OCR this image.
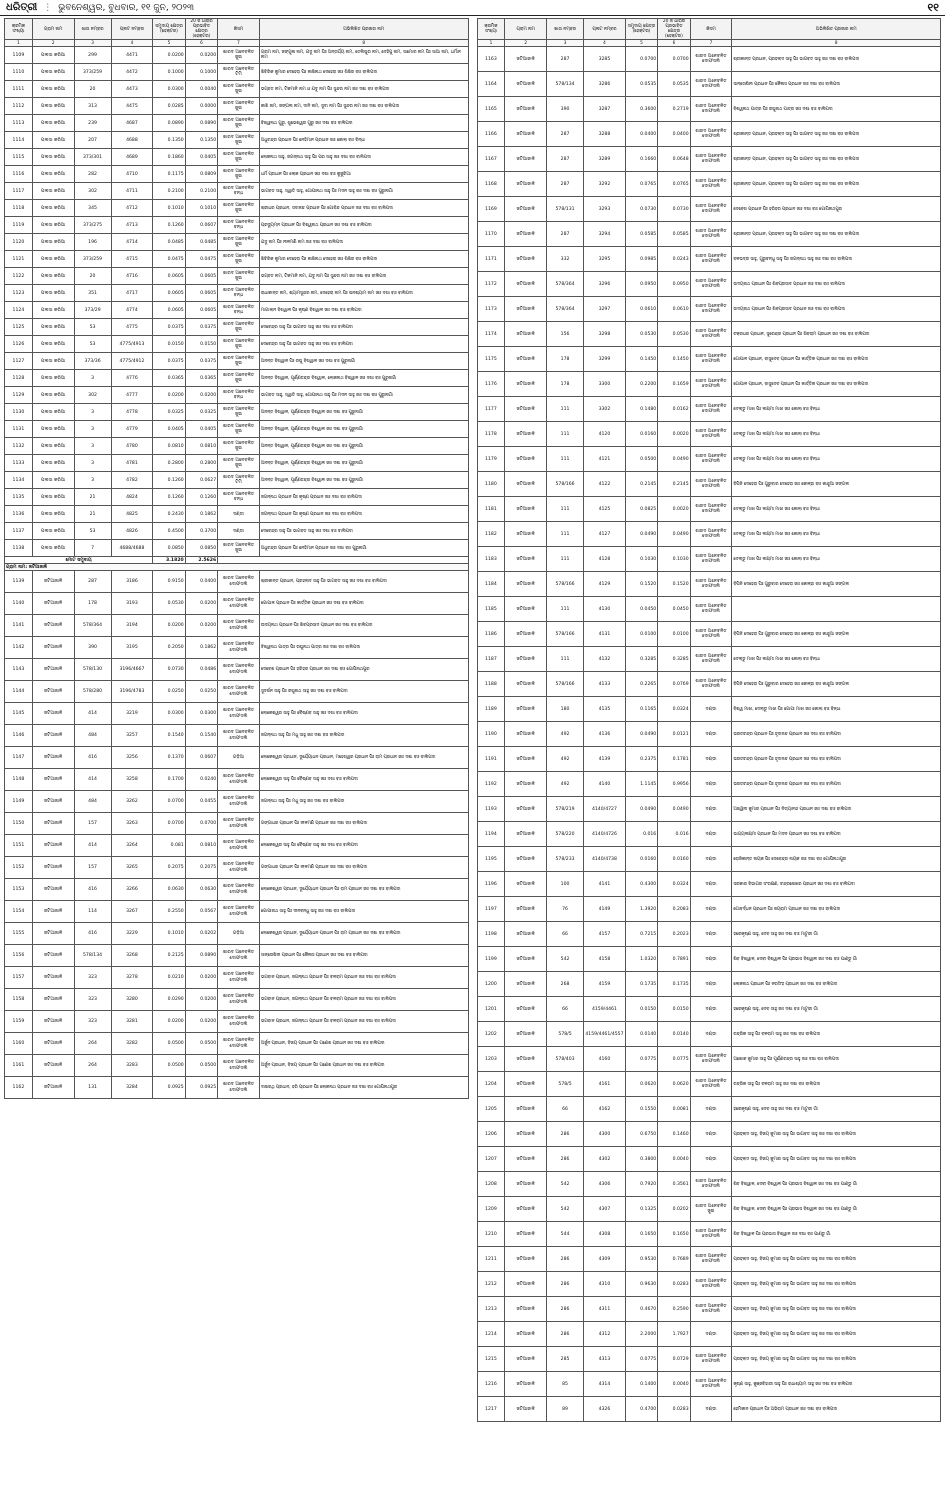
ଧରିତ୍ରୀ ⋮ ଭୁବନେଶ୍ୱର, ବୁଧବାର, ୧୧ ଜୁନ, ୨୦୨୩	୧୧
କ୍ରମିକ ସଂଖ୍ୟା	ଗ୍ରାମ ନାମ	ଖାତା ନମ୍ବର	ପ୍ଲଟ ନମ୍ବର	ସମୁଦାୟ କ୍ଷେତ୍ର (ହେକ୍ଟର)	20 ଜ ଧାରାର ପ୍ରଭାବିତ କ୍ଷେତ୍ର (ହେକ୍ଟର)	କିସମ	ଅଭିଲିଖିତ ପ୍ରଜାର ନାମ
1	2	3	4	5	6	7	8
1109	ପଲସା କରିଆ	299	4471	0.0200	0.0200	ଶାରଦ ଅନେବଳିତ ଜୁଇ	ଗ୍ରାମ ନାମ, ଜଙ୍ଗୁଳା ନାମ, ଯଦୁ ନାମ ପିଃ ଅନ୍ତର୍ଯ୍ୟ ନାମ, ତେଲିଘୁର ନାମ, ଦେହିପୁ ନାମ, ସାମୋର ନାମ ପିଃ ସାଆ ନାମ, ଧର୍ମାନ ନାମ
1110	ପଲସା କରିଆ	373/259	4472	0.1000	0.1000	ଶାରଦ ଅନେବଳିତ ଟିମି	ଶିବିରିକ କୁମାର ଦେହେରା ପିଃ କାଶିନାଥ ଦେହେରା ଜାଃ ଶିଶିର ବାଃ ବାଲିପଦା
1111	ପଲସା କରିଆ	20	4473	0.0300	0.0040	ଶାରଦ ଅନେବଳିତ ଜୁଇ	ଭଗ୍ବତ ନାମ, ଟିକମାନି ନାମ ଓ ଯଦୁ ନାମ ପିଃ ସୁନ୍ଦର ନାମ ଜାଃ ଦଶା ବାଃ ବାଲିପଦା
1112	ପଲସା କରିଆ	313	4475	0.0285	0.0000	ଶାରଦ ଅନେବଳିତ ଜୁଇ	କାଶି ନାମ, ଜଙ୍ଗଲ ନାମ, ଦାନି ନାମ, ସୁଦା ନାମ ପିଃ ସୁନ୍ଦର ନାମ ଜାଃ ଦଶା ବାଃ ବାଲିପଦା
1113	ପଲସା କରିଆ	239	4687	0.0890	0.0890	ଶାରଦ ଅନେବଳିତ ଜୁଇ	ବିଶ୍ୱନାଥ ଗୁରୁ, ଶୁଭେଶ୍ୱର ଗୁରୁ ଜାଃ ଦଶା ବାଃ ବାଲିପଦା
1114	ପଲସା କରିଆ	207	4688	0.1350	0.1350	ଶାରଦ ଅନେବଳିତ ଜୁଇ	ଅଧୁଚନ୍ଦ୍ର ପ୍ରଧାନ ପିଃ ନେହିମାନ ପ୍ରଧାନ ଜାଃ କୋଲା ବାଃ ବିନ୍ଧା
1115	ପଲସା କରିଆ	373/301	4689	0.1860	0.0405	ଶାରଦ ଅନେବଳିତ ଜୁଇ	ଲୋକନାଥ ସାହୁ, ଜଗନ୍ନାଥ ସାହୁ ପିଃ ପର ସାହୁ ଜାଃ ଦଶା ବାଃ ବାଲିପଦା
1116	ପଲସା କରିଆ	282	4710	0.1175	0.0809	ଶାରଦ ଅନେବଳିତ ଜୁଇ	ଧର୍ମ ପ୍ରଧାନ ପିଃ ଲୋକ ପ୍ରଧାନ ଜାଃ ଦଶା ବାଃ କୁଜୁରିଆ
1117	ପଲସା କରିଆ	302	4711	0.2100	0.2100	ଶାରଦ ଅନେବଳିତ ବନ୍ଧ	ଭାଗବତ ସାହୁ, ସ୍ୱାତି ସାହୁ, ଗୋପୀନାଥ ସାହୁ ପିଃ ମଦନ ସାହୁ ଜାଃ ଦଶା ବାଃ ପୁରୁନାଗାଁ
1118	ପଲସା କରିଆ	345	4712	0.1010	0.1010	ଶାରଦ ଅନେବଳିତ ଜୁଇ	ଶ୍ରୀଧର ପ୍ରଧାନ, ସଦାନନ୍ଦ ପ୍ରଧାନ ପିଃ ଗୋବିନ୍ଦ ପ୍ରଧାନ ଜାଃ ଦଶା ବାଃ ବାଲିପଦା
1119	ପଲସା କରିଆ	373/275	4713	0.1260	0.0607	ଶାରଦ ଅନେବଳିତ ବନ୍ଧ	ପ୍ରଦ୍ୟୁମ୍ନ ପ୍ରଧାନ ପିଃ ବିଶ୍ୱନାଥ ପ୍ରଧାନ ଜାଃ ଦଶା ବାଃ ବାଲିପଦା
1120	ପଲସା କରିଆ	196	4714	0.0485	0.0485	ଶାରଦ ଅନେବଳିତ ଜୁଇ	ଯଦୁ ନାମ ପିଃ ନୀଳମଣି ନାମ ଜାଃ ଦଶା ବାଃ ବାଲିପଦା
1121	ପଲସା କରିଆ	373/259	4715	0.0475	0.0475	ଶାରଦ ଅନେବଳିତ ଜୁଇ	ଶିବିରିକ କୁମାର ଦେହେରା ପିଃ କାଶିନାଥ ଦେହେରା ଜାଃ ଶିଶିର ବାଃ ବାଲିପଦା
1122	ପଲସା କରିଆ	20	4716	0.0605	0.0605	ଶାରଦ ଅନେବଳିତ ଜୁଇ	ଭଗ୍ବତ ନାମ, ଟିକମାନି ନାମ, ଯଦୁ ନାମ ପିଃ ସୁନ୍ଦର ନାମ ଜାଃ ଦଶା ବାଃ ବାଲିପଦା
1123	ପଲସା କରିଆ	351	4717	0.0605	0.0605	ଶାରଦ ଅନେବଳିତ ବନ୍ଧ	ରାଧାକାନ୍ତ ନାମ, ଶ୍ୟାମସୁନ୍ଦର ନାମ, ଦେହେରା ନାମ ପିଃ ଘନଶ୍ୟାମ ନାମ ଜାଃ ଦଶା ବାଃ ବାଲିପଦା
1124	ପଲସା କରିଆ	373/29	4774	0.0605	0.0605	ଶାରଦ ଅନେବଳିତ ବନ୍ଧ	ମାଗାଲାନ ବିଶ୍ୱାଳ ପିଃ କୃଷ୍ଣ ବିଶ୍ୱାଳ ଜାଃ ଦଶା ବାଃ ବାଲିପଦା
1125	ପଲସା କରିଆ	53	4775	0.0375	0.0375	ଶାରଦ ଅନେବଳିତ ଜୁଇ	ଦେବେନ୍ଦ୍ର ସାହୁ ପିଃ ଭାଗବତ ସାହୁ ଜାଃ ଦଶା ବାଃ ବାଲିପଦା
1126	ପଲସା କରିଆ	53	4775/4913	0.0150	0.0150	ଶାରଦ ଅନେବଳିତ ଜୁଇ	ଦେବେନ୍ଦ୍ର ସାହୁ ପିଃ ଭାଗବତ ସାହୁ ଜାଃ ଦଶା ବାଃ ବାଲିପଦା
1127	ପଲସା କରିଆ	373/36	4775/4912	0.0375	0.0375	ଶାରଦ ଅନେବଳିତ ଜୁଇ	ଅନନ୍ତ ବିଶ୍ୱାଳ ପିଃ ରଘୁ ବିଶ୍ୱାଳ ଜାଃ ଦଶା ବାଃ ପୁରୁନାଗାଁ
1128	ପଲସା କରିଆ	3	4776	0.0365	0.0365	ଶାରଦ ଅନେବଳିତ ଜୁଇ	ଅନନ୍ତ ବିଶ୍ୱାଳ, ପୂର୍ଣ୍ଣଚନ୍ଦ୍ର ବିଶ୍ୱାଳ, ଲୋକନାଥ ବିଶ୍ୱାଳ ଜାଃ ଦଶା ବାଃ ପୁରୁନାଗାଁ
1129	ପଲସା କରିଆ	302	4777	0.0200	0.0200	ଶାରଦ ଅନେବଳିତ ବନ୍ଧ	ଭାଗବତ ସାହୁ, ସ୍ୱାତି ସାହୁ, ଗୋପୀନାଥ ସାହୁ ପିଃ ମଦନ ସାହୁ ଜାଃ ଦଶା ବାଃ ପୁରୁନାଗାଁ
1130	ପଲସା କରିଆ	3	4778	0.0325	0.0325	ଶାରଦ ଅନେବଳିତ ଜୁଇ	ଅନନ୍ତ ବିଶ୍ୱାଳ, ପୂର୍ଣ୍ଣଚନ୍ଦ୍ର ବିଶ୍ୱାଳ ଜାଃ ଦଶା ବାଃ ପୁରୁନାଗାଁ
1131	ପଲସା କରିଆ	3	4779	0.0405	0.0405	ଶାରଦ ଅନେବଳିତ ଜୁଇ	ଅନନ୍ତ ବିଶ୍ୱାଳ, ପୂର୍ଣ୍ଣଚନ୍ଦ୍ର ବିଶ୍ୱାଳ ଜାଃ ଦଶା ବାଃ ପୁରୁନାଗାଁ
1132	ପଲସା କରିଆ	3	4780	0.0810	0.0810	ଶାରଦ ଅନେବଳିତ ଜୁଇ	ଅନନ୍ତ ବିଶ୍ୱାଳ, ପୂର୍ଣ୍ଣଚନ୍ଦ୍ର ବିଶ୍ୱାଳ ଜାଃ ଦଶା ବାଃ ପୁରୁନାଗାଁ
1133	ପଲସା କରିଆ	3	4781	0.2800	0.2800	ଶାରଦ ଅନେବଳିତ ଜୁଇ	ଅନନ୍ତ ବିଶ୍ୱାଳ, ପୂର୍ଣ୍ଣଚନ୍ଦ୍ର ବିଶ୍ୱାଳ ଜାଃ ଦଶା ବାଃ ପୁରୁନାଗାଁ
1134	ପଲସା କରିଆ	3	4782	0.1260	0.0627	ଶାରଦ ଅନେବଳିତ ଟିମି	ଅନନ୍ତ ବିଶ୍ୱାଳ, ପୂର୍ଣ୍ଣଚନ୍ଦ୍ର ବିଶ୍ୱାଳ ଜାଃ ଦଶା ବାଃ ପୁରୁନାଗାଁ
1135	ପଲସା କରିଆ	21	4824	0.1260	0.1260	ଶାରଦ ଅନେବଳିତ ବନ୍ଧ	ଜଗନ୍ନାଥ ପ୍ରଧାନ ପିଃ କୃଷ୍ଣ ପ୍ରଧାନ ଜାଃ ଦଶା ବାଃ ବାଲିପଦା
1136	ପଲସା କରିଆ	21	4825	0.2430	0.1862	ଦଣ୍ଡା	ଜଗନ୍ନାଥ ପ୍ରଧାନ ପିଃ କୃଷ୍ଣ ପ୍ରଧାନ ଜାଃ ଦଶା ବାଃ ବାଲିପଦା
1137	ପଲସା କରିଆ	53	4826	0.4500	0.3700	ଦଣ୍ଡା	ଦେବେନ୍ଦ୍ର ସାହୁ ପିଃ ଭାଗବତ ସାହୁ ଜାଃ ଦଶା ବାଃ ବାଲିପଦା
1138	ପଲସା କରିଆ	7	4688/4688	0.0850	0.0850	ଶାରଦ ଅନେବଳିତ ଜୁଇ	ଅଧୁଚନ୍ଦ୍ର ପ୍ରଧାନ ପିଃ ନେହିମାନ ପ୍ରଧାନ ଜାଃ ଦଶା ବାଃ ପୁରୁନାଗାଁ
ମୋଟ ସମୁଦାୟ				3.1820	2.5626		
ଗ୍ରାମ ନାମ: ଜଟିଆଜାଳି							
1139	ଜଟିଆଜାଳି	287	3186	0.9150	0.0400	ଶାରଦ ଅନେବଳିତ ଦୋଫସଲି	ଶ୍ରୀକାନ୍ତ ପ୍ରଧାନ, ପ୍ରହଲାଦ ସାହୁ ପିଃ ଭାଗବତ ସାହୁ ଜାଃ ଦଶା ବାଃ ବାଲିପଦା
1140	ଜଟିଆଜାଳି	178	3193	0.0530	0.0200	ଶାରଦ ଅନେବଳିତ ଦୋଫସଲି	ଗୋପାଳ ପ୍ରଧାନ ପିଃ କାର୍ତ୍ତିକ ପ୍ରଧାନ ଜାଃ ଦଶା ବାଃ ବାଲିପଦା
1141	ଜଟିଆଜାଳି	578/364	3194	0.0200	0.0200	ଶାରଦ ଅନେବଳିତ ଦୋଫସଲି	ଉଦୟନାଥ ପ୍ରଧାନ ପିଃ ଶିବପ୍ରସାଦ ପ୍ରଧାନ ଜାଃ ଦଶା ବାଃ ବାଲିପଦା
1142	ଜଟିଆଜାଳି	390	3195	0.2050	0.1862	ଶାରଦ ଅନେବଳିତ ଦୋଫସଲି	ବିଶ୍ୱନାଥ ପାତ୍ର ପିଃ ରଘୁନାଥ ପାତ୍ର ଜାଃ ଦଶା ବାଃ ବାଲିପଦା
1143	ଜଟିଆଜାଳି	578/130	3196/4667	0.0730	0.0486	ଶାରଦ ଅନେବଳିତ ଦୋଫସଲି	ଦେବେଶ ପ୍ରଧାନ ପିଃ ହରିହର ପ୍ରଧାନ ଜାଃ ଦଶା ବାଃ ଗୋପିନାଥପୁର
1144	ଜଟିଆଜାଳି	578/280	3196/4783	0.0250	0.0250	ଶାରଦ ଅନେବଳିତ ଦୋଫସଲି	ସୁଦର୍ଶନ ସାହୁ ପିଃ ରଘୁନାଥ ସାହୁ ଜାଃ ଦଶା ବାଃ ବାଲିପଦା
1145	ଜଟିଆଜାଳି	414	3219	0.0300	0.0300	ଶାରଦ ଅନେବଳିତ ଦୋଫସଲି	ଲୋକେଶ୍ୱର ସାହୁ ପିଃ ବୈଷ୍ଣବ ସାହୁ ଜାଃ ଦଶା ବାଃ ବାଲିପଦା
1146	ଜଟିଆଜାଳି	484	3257	0.1540	0.1540	ଶାରଦ ଅନେବଳିତ ଦୋଫସଲି	ଜଗନ୍ନାଥ ସାହୁ ପିଃ ମଧୁ ସାହୁ ଜାଃ ଦଶା ବାଃ ବାଲିପଦା
1147	ଜଟିଆଜାଳି	416	3256	0.1370	0.0607	ଗଡ଼ିଆ	ଲୋକେଶ୍ୱର ପ୍ରଧାନ, ଦୁର୍ଯ୍ୟୋଧନ ପ୍ରଧାନ, ମହେଶ୍ୱର ପ୍ରଧାନ ପିଃ ରାମ ପ୍ରଧାନ ଜାଃ ଦଶା ବାଃ ବାଲିପଦା
1148	ଜଟିଆଜାଳି	414	3258	0.1700	0.0240	ଶାରଦ ଅନେବଳିତ ଦୋଫସଲି	ଲୋକେଶ୍ୱର ସାହୁ ପିଃ ବୈଷ୍ଣବ ସାହୁ ଜାଃ ଦଶା ବାଃ ବାଲିପଦା
1149	ଜଟିଆଜାଳି	484	3262	0.0700	0.0455	ଶାରଦ ଅନେବଳିତ ଦୋଫସଲି	ଜଗନ୍ନାଥ ସାହୁ ପିଃ ମଧୁ ସାହୁ ଜାଃ ଦଶା ବାଃ ବାଲିପଦା
1150	ଜଟିଆଜାଳି	157	3263	0.0700	0.0700	ଶାରଦ ଅନେବଳିତ ଦୋଫସଲି	ଗଙ୍ଗାଧର ପ୍ରଧାନ ପିଃ ନୀଳମଣି ପ୍ରଧାନ ଜାଃ ଦଶା ବାଃ ବାଲିପଦା
1151	ଜଟିଆଜାଳି	414	3264	0.081	0.0810	ଶାରଦ ଅନେବଳିତ ଦୋଫସଲି	ଲୋକେଶ୍ୱର ସାହୁ ପିଃ ବୈଷ୍ଣବ ସାହୁ ଜାଃ ଦଶା ବାଃ ବାଲିପଦା
1152	ଜଟିଆଜାଳି	157	3265	0.2075	0.2075	ଶାରଦ ଅନେବଳିତ ଦୋଫସଲି	ଗଙ୍ଗାଧର ପ୍ରଧାନ ପିଃ ନୀଳମଣି ପ୍ରଧାନ ଜାଃ ଦଶା ବାଃ ବାଲିପଦା
1153	ଜଟିଆଜାଳି	416	3266	0.0630	0.0630	ଶାରଦ ଅନେବଳିତ ଦୋଫସଲି	ଲୋକେଶ୍ୱର ପ୍ରଧାନ, ଦୁର୍ଯ୍ୟୋଧନ ପ୍ରଧାନ ପିଃ ରାମ ପ୍ରଧାନ ଜାଃ ଦଶା ବାଃ ବାଲିପଦା
1154	ଜଟିଆଜାଳି	114	3267	0.2550	0.0567	ଶାରଦ ଅନେବଳିତ ଦୋଫସଲି	ଗୋପୀନାଥ ସାହୁ ପିଃ ଦୀନବନ୍ଧୁ ସାହୁ ଜାଃ ଦଶା ବାଃ ବାଲିପଦା
1155	ଜଟିଆଜାଳି	416	3229	0.1010	0.0202	ଗଡ଼ିଆ	ଲୋକେଶ୍ୱର ପ୍ରଧାନ, ଦୁର୍ଯ୍ୟୋଧନ ପ୍ରଧାନ ପିଃ ରାମ ପ୍ରଧାନ ଜାଃ ଦଶା ବାଃ ବାଲିପଦା
1156	ଜଟିଆଜାଳି	578/134	3268	0.2125	0.0890	ଶାରଦ ଅନେବଳିତ ଦୋଫସଲି	ସାନ୍ତୋଷିନୀ ପ୍ରଧାନ ପିଃ କୈଳାସ ପ୍ରଧାନ ଜାଃ ଦଶା ବାଃ ବାଲିପଦା
1157	ଜଟିଆଜାଳି	323	3278	0.0210	0.0200	ଶାରଦ ଅନେବଳିତ ଦୋଫସଲି	ଭଗବାନ ପ୍ରଧାନ, ଜଗନ୍ନାଥ ପ୍ରଧାନ ପିଃ ବଳରାମ ପ୍ରଧାନ ଜାଃ ଦଶା ବାଃ ବାଲିପଦା
1158	ଜଟିଆଜାଳି	323	3280	0.0290	0.0200	ଶାରଦ ଅନେବଳିତ ଦୋଫସଲି	ଭଗବାନ ପ୍ରଧାନ, ଜଗନ୍ନାଥ ପ୍ରଧାନ ପିଃ ବଳରାମ ପ୍ରଧାନ ଜାଃ ଦଶା ବାଃ ବାଲିପଦା
1159	ଜଟିଆଜାଳି	323	3281	0.0200	0.0200	ଶାରଦ ଅନେବଳିତ ଦୋଫସଲି	ଭଗବାନ ପ୍ରଧାନ, ଜଗନ୍ନାଥ ପ୍ରଧାନ ପିଃ ବଳରାମ ପ୍ରଧାନ ଜାଃ ଦଶା ବାଃ ବାଲିପଦା
1160	ଜଟିଆଜାଳି	264	3282	0.0500	0.0500	ଶାରଦ ଅନେବଳିତ ଦୋଫସଲି	ଅର୍ଜୁନ ପ୍ରଧାନ, ବିଜୟ ପ୍ରଧାନ ପିଃ ଗଣେଶ ପ୍ରଧାନ ଜାଃ ଦଶା ବାଃ ବାଲିପଦା
1161	ଜଟିଆଜାଳି	264	3283	0.0500	0.0500	ଶାରଦ ଅନେବଳିତ ଦୋଫସଲି	ଅର୍ଜୁନ ପ୍ରଧାନ, ବିଜୟ ପ୍ରଧାନ ପିଃ ଗଣେଶ ପ୍ରଧାନ ଜାଃ ଦଶା ବାଃ ବାଲିପଦା
1162	ଜଟିଆଜାଳି	131	3284	0.0925	0.0925	ଶାରଦ ଅନେବଳିତ ଦୋଫସଲି	ଦାଶରଥି ପ୍ରଧାନ, ହରି ପ୍ରଧାନ ପିଃ ଲୋକନାଥ ପ୍ରଧାନ ଜାଃ ଦଶା ବାଃ ଗୋପିନାଥପୁର
କ୍ରମିକ ସଂଖ୍ୟା	ଗ୍ରାମ ନାମ	ଖାତା ନମ୍ବର	ପ୍ଲଟ ନମ୍ବର	ସମୁଦାୟ କ୍ଷେତ୍ର (ହେକ୍ଟର)	20 ଜ ଧାରାର ପ୍ରଭାବିତ କ୍ଷେତ୍ର (ହେକ୍ଟର)	କିସମ	ଅଭିଲିଖିତ ପ୍ରଜାର ନାମ
1	2	3	4	5	6	7	8
1163	ଜଟିଆଜାଳି	287	3285	0.0700	0.0700	ଶାରଦ ଅନେବଳିତ ଦୋଫସଲି	ଶ୍ରୀକାନ୍ତ ପ୍ରଧାନ, ପ୍ରହଲାଦ ସାହୁ ପିଃ ଭାଗବତ ସାହୁ ଜାଃ ଦଶା ବାଃ ବାଲିପଦା
1164	ଜଟିଆଜାଳି	578/134	3286	0.0535	0.0535	ଶାରଦ ଅନେବଳିତ ଦୋଫସଲି	ସାନ୍ତୋଷିନୀ ପ୍ରଧାନ ପିଃ କୈଳାସ ପ୍ରଧାନ ଜାଃ ଦଶା ବାଃ ବାଲିପଦା
1165	ଜଟିଆଜାଳି	390	3287	0.3600	0.2719	ଶାରଦ ଅନେବଳିତ ଦୋଫସଲି	ବିଶ୍ୱନାଥ ପାତ୍ର ପିଃ ରଘୁନାଥ ପାତ୍ର ଜାଃ ଦଶା ବାଃ ବାଲିପଦା
1166	ଜଟିଆଜାଳି	287	3288	0.0400	0.0400	ଶାରଦ ଅନେବଳିତ ଦୋଫସଲି	ଶ୍ରୀକାନ୍ତ ପ୍ରଧାନ, ପ୍ରହଲାଦ ସାହୁ ପିଃ ଭାଗବତ ସାହୁ ଜାଃ ଦଶା ବାଃ ବାଲିପଦା
1167	ଜଟିଆଜାଳି	287	3289	0.1660	0.0648	ଶାରଦ ଅନେବଳିତ ଦୋଫସଲି	ଶ୍ରୀକାନ୍ତ ପ୍ରଧାନ, ପ୍ରହଲାଦ ସାହୁ ପିଃ ଭାଗବତ ସାହୁ ଜାଃ ଦଶା ବାଃ ବାଲିପଦା
1168	ଜଟିଆଜାଳି	287	3292	0.0765	0.0765	ଶାରଦ ଅନେବଳିତ ଦୋଫସଲି	ଶ୍ରୀକାନ୍ତ ପ୍ରଧାନ, ପ୍ରହଲାଦ ସାହୁ ପିଃ ଭାଗବତ ସାହୁ ଜାଃ ଦଶା ବାଃ ବାଲିପଦା
1169	ଜଟିଆଜାଳି	578/131	3293	0.0730	0.0730	ଶାରଦ ଅନେବଳିତ ଦୋଫସଲି	ଦେବେଶ ପ୍ରଧାନ ପିଃ ହରିହର ପ୍ରଧାନ ଜାଃ ଦଶା ବାଃ ଗୋପିନାଥପୁର
1170	ଜଟିଆଜାଳି	287	3294	0.0585	0.0585	ଶାରଦ ଅନେବଳିତ ଦୋଫସଲି	ଶ୍ରୀକାନ୍ତ ପ୍ରଧାନ, ପ୍ରହଲାଦ ସାହୁ ପିଃ ଭାଗବତ ସାହୁ ଜାଃ ଦଶା ବାଃ ବାଲିପଦା
1171	ଜଟିଆଜାଳି	332	3295	0.0985	0.0243	ଶାରଦ ଅନେବଳିତ ଦୋଫସଲି	ବଳଭଦ୍ର ସାହୁ, ଗୁରୁବନ୍ଧୁ ସାହୁ ପିଃ ଜଗନ୍ନାଥ ସାହୁ ଜାଃ ଦଶା ବାଃ ବାଲିପଦା
1172	ଜଟିଆଜାଳି	578/364	3296	0.0950	0.0950	ଶାରଦ ଅନେବଳିତ ଦୋଫସଲି	ଉଦୟନାଥ ପ୍ରଧାନ ପିଃ ଶିବପ୍ରସାଦ ପ୍ରଧାନ ଜାଃ ଦଶା ବାଃ ବାଲିପଦା
1173	ଜଟିଆଜାଳି	578/364	3297	0.0610	0.0610	ଶାରଦ ଅନେବଳିତ ଦୋଫସଲି	ଉଦୟନାଥ ପ୍ରଧାନ ପିଃ ଶିବପ୍ରସାଦ ପ୍ରଧାନ ଜାଃ ଦଶା ବାଃ ବାଲିପଦା
1174	ଜଟିଆଜାଳି	156	3298	0.0530	0.0530	ଶାରଦ ଅନେବଳିତ ଦୋଫସଲି	ଚକ୍ରଧର ପ୍ରଧାନ, ସୁରେନ୍ଦ୍ର ପ୍ରଧାନ ପିଃ ଶିବରାମ ପ୍ରଧାନ ଜାଃ ଦଶା ବାଃ ବାଲିପଦା
1175	ଜଟିଆଜାଳି	178	3299	0.1450	0.1450	ଶାରଦ ଅନେବଳିତ ଦୋଫସଲି	ଗୋପାଳ ପ୍ରଧାନ, ବାସୁଦେବ ପ୍ରଧାନ ପିଃ କାର୍ତ୍ତିକ ପ୍ରଧାନ ଜାଃ ଦଶା ବାଃ ବାଲିପଦା
1176	ଜଟିଆଜାଳି	178	3300	0.2200	0.1659	ଶାରଦ ଅନେବଳିତ ଦୋଫସଲି	ଗୋପାଳ ପ୍ରଧାନ, ବାସୁଦେବ ପ୍ରଧାନ ପିଃ କାର୍ତ୍ତିକ ପ୍ରଧାନ ଜାଃ ଦଶା ବାଃ ବାଲିପଦା
1177	ଜଟିଆଜାଳି	111	3302	0.1480	0.0162	ଶାରଦ ଅନେବଳିତ ଦୋଫସଲି	ଦେଲ୍ଡୁ ମାଝୀ ପିଃ ଲକ୍ଷ୍ମୀ ମାଝୀ ଜାଃ କୋଲା ବାଃ ବିନ୍ଧା
1178	ଜଟିଆଜାଳି	111	4120	0.0160	0.0020	ଶାରଦ ଅନେବଳିତ ଦୋଫସଲି	ଦେଲ୍ଡୁ ମାଝୀ ପିଃ ଲକ୍ଷ୍ମୀ ମାଝୀ ଜାଃ କୋଲା ବାଃ ବିନ୍ଧା
1179	ଜଟିଆଜାଳି	111	4121	0.0500	0.0490	ଶାରଦ ଅନେବଳିତ ଦୋଫସଲି	ଦେଲ୍ଡୁ ମାଝୀ ପିଃ ଲକ୍ଷ୍ମୀ ମାଝୀ ଜାଃ କୋଲା ବାଃ ବିନ୍ଧା
1180	ଜଟିଆଜାଳି	578/166	4122	0.2145	0.2145	ଶାରଦ ଅନେବଳିତ ଦୋଫସଲି	ବିପିନି ଦେହେରା ପିଃ ଗୁରୁବାର ଦେହେରା ଜାଃ କୋଳ୍ହା ବାଃ କାନ୍ଦୁଆ ଜଙ୍ଗଲ
1181	ଜଟିଆଜାଳି	111	4125	0.0825	0.0020	ଶାରଦ ଅନେବଳିତ ଦୋଫସଲି	ଦେଲ୍ଡୁ ମାଝୀ ପିଃ ଲକ୍ଷ୍ମୀ ମାଝୀ ଜାଃ କୋଲା ବାଃ ବିନ୍ଧା
1182	ଜଟିଆଜାଳି	111	4127	0.0490	0.0490	ଶାରଦ ଅନେବଳିତ ଦୋଫସଲି	ଦେଲ୍ଡୁ ମାଝୀ ପିଃ ଲକ୍ଷ୍ମୀ ମାଝୀ ଜାଃ କୋଲା ବାଃ ବିନ୍ଧା
1183	ଜଟିଆଜାଳି	111	4128	0.1030	0.1030	ଶାରଦ ଅନେବଳିତ ଦୋଫସଲି	ଦେଲ୍ଡୁ ମାଝୀ ପିଃ ଲକ୍ଷ୍ମୀ ମାଝୀ ଜାଃ କୋଲା ବାଃ ବିନ୍ଧା
1184	ଜଟିଆଜାଳି	578/166	4129	0.1520	0.1520	ଶାରଦ ଅନେବଳିତ ଦୋଫସଲି	ବିପିନି ଦେହେରା ପିଃ ଗୁରୁବାର ଦେହେରା ଜାଃ କୋଳ୍ହା ବାଃ କାନ୍ଦୁଆ ଜଙ୍ଗଲ
1185	ଜଟିଆଜାଳି	111	4130	0.0450	0.0450	ଶାରଦ ଅନେବଳିତ ଦୋଫସଲି	
1186	ଜଟିଆଜାଳି	578/166	4131	0.0100	0.0100	ଶାରଦ ଅନେବଳିତ ଦୋଫସଲି	ବିପିନି ଦେହେରା ପିଃ ଗୁରୁବାର ଦେହେରା ଜାଃ କୋଳ୍ହା ବାଃ କାନ୍ଦୁଆ ଜଙ୍ଗଲ
1187	ଜଟିଆଜାଳି	111	4132	0.3285	0.3285	ଶାରଦ ଅନେବଳିତ ଦୋଫସଲି	ଦେଲ୍ଡୁ ମାଝୀ ପିଃ ଲକ୍ଷ୍ମୀ ମାଝୀ ଜାଃ କୋଲା ବାଃ ବିନ୍ଧା
1188	ଜଟିଆଜାଳି	578/166	4133	0.2265	0.0769	ଶାରଦ ଅନେବଳିତ ଦୋଫସଲି	ବିପିନି ଦେହେରା ପିଃ ଗୁରୁବାର ଦେହେରା ଜାଃ କୋଳ୍ହା ବାଃ କାନ୍ଦୁଆ ଜଙ୍ଗଲ
1189	ଜଟିଆଜାଳି	180	4135	0.1165	0.0324	ଦଣ୍ଡା	ବିଶ୍ୱ ମାଝୀ, ଦେଲ୍ଡୁ ମାଝୀ ପିଃ ଗୋପୀ ମାଝୀ ଜାଃ କୋଲା ବାଃ ବିନ୍ଧା
1190	ଜଟିଆଜାଳି	492	4136	0.0490	0.0121	ଦଣ୍ଡା	ଭରତଚନ୍ଦ୍ର ପ୍ରଧାନ ପିଃ ହୃଦାନନ୍ଦ ପ୍ରଧାନ ଜାଃ ଦଶା ବାଃ ବାଲିପଦା
1191	ଜଟିଆଜାଳି	492	4139	0.2375	0.1781	ଦଣ୍ଡା	ଭରତଚନ୍ଦ୍ର ପ୍ରଧାନ ପିଃ ହୃଦାନନ୍ଦ ପ୍ରଧାନ ଜାଃ ଦଶା ବାଃ ବାଲିପଦା
1192	ଜଟିଆଜାଳି	492	4140	1.1145	0.9956	ଦଣ୍ଡା	ଭରତଚନ୍ଦ୍ର ପ୍ରଧାନ ପିଃ ହୃଦାନନ୍ଦ ପ୍ରଧାନ ଜାଃ ଦଶା ବାଃ ବାଲିପଦା
1193	ଜଟିଆଜାଳି	578/219	4140/4727	0.0490	0.0490	ଦଣ୍ଡା	ଅଶ୍ୱିନୀ କୁମାର ପ୍ରଧାନ ପିଃ ନିତ୍ୟାନନ୍ଦ ପ୍ରଧାନ ଜାଃ ଦଶା ବାଃ ବାଲିପଦା
1194	ଜଟିଆଜାଳି	578/220	4140/4726	0.016	0.016	ଦଣ୍ଡା	ଭାଗ୍ୟଲକ୍ଷ୍ମୀ ପ୍ରଧାନ ପିଃ ମଦନ ପ୍ରଧାନ ଜାଃ ଦଶା ବାଃ ବାଲିପଦା
1195	ଜଟିଆଜାଳି	578/233	4140/4738	0.0160	0.0160	ଦଣ୍ଡା	ରୋଜିକାନ୍ତ ନାୟକ ପିଃ ଦେବେନ୍ଦ୍ର ନାୟକ ଜାଃ ଦଶା ବାଃ ଗୋପିନାଥପୁର
1196	ଜଟିଆଜାଳି	100	4141	0.4300	0.0324	ଦଣ୍ଡା	ସରକାର ବିଭାଗର ସଂରକ୍ଷଣ, ଚନ୍ଦ୍ରଶେଖର ପ୍ରଧାନ ଜାଃ ଦଶା ବାଃ ବାଲିପଦା
1197	ଜଟିଆଜାଳି	76	4149	1.3920	0.2083	ଦଣ୍ଡା	ଗୋବର୍ଦ୍ଧନ ପ୍ରଧାନ ପିଃ ଜୟରାମ ପ୍ରଧାନ ଜାଃ ଦଶା ବାଃ ବାଲିପଦା
1198	ଜଟିଆଜାଳି	66	4157	0.7215	0.2023	ଦଣ୍ଡା	ହରେକୃଷ୍ଣ ସାହୁ, ଦେବ ସାହୁ ଜାଃ ଦଶା ବାଃ ମାଟୁରୀ ଗାଁ
1199	ଜଟିଆଜାଳି	542	4158	1.0320	0.7891	ଦଣ୍ଡା	ଶିବ ବିଶ୍ୱାଳ, ଦେବୀ ବିଶ୍ୱାଳ ପିଃ ପ୍ରଭାସ ବିଶ୍ୱାଳ ଜାଃ ଦଶା ବାଃ ପାଣ୍ଡୁ ଗାଁ
1200	ଜଟିଆଜାଳି	268	4159	0.1735	0.1735	ଦଣ୍ଡା	ଲୋକନାଥ ପ୍ରଧାନ ପିଃ ନରସିଂହ ପ୍ରଧାନ ଜାଃ ଦଶା ବାଃ ବାଲିପଦା
1201	ଜଟିଆଜାଳି	66	4159/4461	0.0150	0.0150	ଦଣ୍ଡା	ହରେକୃଷ୍ଣ ସାହୁ, ଦେବ ସାହୁ ଜାଃ ଦଶା ବାଃ ମାଟୁରୀ ଗାଁ
1202	ଜଟିଆଜାଳି	578/5	4159/4461/4557	0.0140	0.0140	ଦଣ୍ଡା	ଚନ୍ଦ୍ରିକ ସାହୁ ପିଃ ବଳରାମ ସାହୁ ଜାଃ ଦଶା ବାଃ ବାଲିପଦା
1203	ଜଟିଆଜାଳି	578/403	4160	0.0775	0.0775	ଶାରଦ ଅନେବଳିତ ଦୋଫସଲି	ଅଶୋକ କୁମାର ସାହୁ ପିଃ ପୂର୍ଣ୍ଣଚନ୍ଦ୍ର ସାହୁ ଜାଃ ଦଶା ବାଃ ବାଲିପଦା
1204	ଜଟିଆଜାଳି	578/5	4161	0.0620	0.0620	ଶାରଦ ଅନେବଳିତ ଦୋଫସଲି	ଚନ୍ଦ୍ରିକ ସାହୁ ପିଃ ବଳରାମ ସାହୁ ଜାଃ ଦଶା ବାଃ ବାଲିପଦା
1205	ଜଟିଆଜାଳି	66	4162	0.1550	0.0081	ଦଣ୍ଡା	ହରେକୃଷ୍ଣ ସାହୁ, ଦେବ ସାହୁ ଜାଃ ଦଶା ବାଃ ମାଟୁରୀ ଗାଁ
1206	ଜଟିଆଜାଳି	286	4300	0.6750	0.1460	ଦଣ୍ଡା	ପ୍ରହ୍ଲାଦ ସାହୁ, ବିଜୟ କୁମାର ସାହୁ ପିଃ ଭାଗବତ ସାହୁ ଜାଃ ଦଶା ବାଃ ବାଲିପଦା
1207	ଜଟିଆଜାଳି	286	4302	0.3800	0.0040	ଦଣ୍ଡା	ପ୍ରହ୍ଲାଦ ସାହୁ, ବିଜୟ କୁମାର ସାହୁ ପିଃ ଭାଗବତ ସାହୁ ଜାଃ ଦଶା ବାଃ ବାଲିପଦା
1208	ଜଟିଆଜାଳି	542	4306	0.7920	0.3561	ଶାରଦ ଅନେବଳିତ ଦୋଫସଲି	ଶିବ ବିଶ୍ୱାଳ, ଦେବୀ ବିଶ୍ୱାଳ ପିଃ ପ୍ରଭାସ ବିଶ୍ୱାଳ ଜାଃ ଦଶା ବାଃ ପାଣ୍ଡୁ ଗାଁ
1209	ଜଟିଆଜାଳି	542	4307	0.1325	0.0202	ଶାରଦ ଅନେବଳିତ ଜୁଇ	ଶିବ ବିଶ୍ୱାଳ, ଦେବୀ ବିଶ୍ୱାଳ ପିଃ ପ୍ରଭାସ ବିଶ୍ୱାଳ ଜାଃ ଦଶା ବାଃ ପାଣ୍ଡୁ ଗାଁ
1210	ଜଟିଆଜାଳି	544	4308	0.1650	0.1650	ଶାରଦ ଅନେବଳିତ ଦୋଫସଲି	ଶିବ ବିଶ୍ୱାଳ ପିଃ ପ୍ରଭାସ ବିଶ୍ୱାଳ ଜାଃ ଦଶା ବାଃ ପାଣ୍ଡୁ ଗାଁ
1211	ଜଟିଆଜାଳି	286	4309	0.9530	0.7689	ଶାରଦ ଅନେବଳିତ ଦୋଫସଲି	ପ୍ରହ୍ଲାଦ ସାହୁ, ବିଜୟ କୁମାର ସାହୁ ପିଃ ଭାଗବତ ସାହୁ ଜାଃ ଦଶା ବାଃ ବାଲିପଦା
1212	ଜଟିଆଜାଳି	286	4310	0.9630	0.0283	ଶାରଦ ଅନେବଳିତ ଦୋଫସଲି	ପ୍ରହ୍ଲାଦ ସାହୁ, ବିଜୟ କୁମାର ସାହୁ ପିଃ ଭାଗବତ ସାହୁ ଜାଃ ଦଶା ବାଃ ବାଲିପଦା
1213	ଜଟିଆଜାଳି	286	4311	0.4670	0.2590	ଶାରଦ ଅନେବଳିତ ଦୋଫସଲି	ପ୍ରହ୍ଲାଦ ସାହୁ, ବିଜୟ କୁମାର ସାହୁ ପିଃ ଭାଗବତ ସାହୁ ଜାଃ ଦଶା ବାଃ ବାଲିପଦା
1214	ଜଟିଆଜାଳି	286	4312	2.2000	1.7927	ଦଣ୍ଡା	ପ୍ରହ୍ଲାଦ ସାହୁ, ବିଜୟ କୁମାର ସାହୁ ପିଃ ଭାଗବତ ସାହୁ ଜାଃ ଦଶା ବାଃ ବାଲିପଦା
1215	ଜଟିଆଜାଳି	285	4313	0.0775	0.0729	ଶାରଦ ଅନେବଳିତ ଦୋଫସଲି	ପ୍ରହ୍ଲାଦ ସାହୁ, ବିଜୟ କୁମାର ସାହୁ ପିଃ ଭାଗବତ ସାହୁ ଜାଃ ଦଶା ବାଃ ବାଲିପଦା
1216	ଜଟିଆଜାଳି	85	4314	0.1400	0.0040	ଶାରଦ ଅନେବଳିତ ଦୋଫସଲି	କୃଷ୍ଣ ସାହୁ, କୁଞ୍ଜବିହାରୀ ସାହୁ ପିଃ ରାଧାଶ୍ୟାମ ସାହୁ ଜାଃ ଦଶା ବାଃ ବାଲିପଦା
1217	ଜଟିଆଜାଳି	89	4326	0.4700	0.0283	ଦଣ୍ଡା	ହେମିକାନ ପ୍ରଧାନ ପିଃ ଅଭିରାମ ପ୍ରଧାନ ଜାଃ ଦଶା ବାଃ ବାଲିପଦା
